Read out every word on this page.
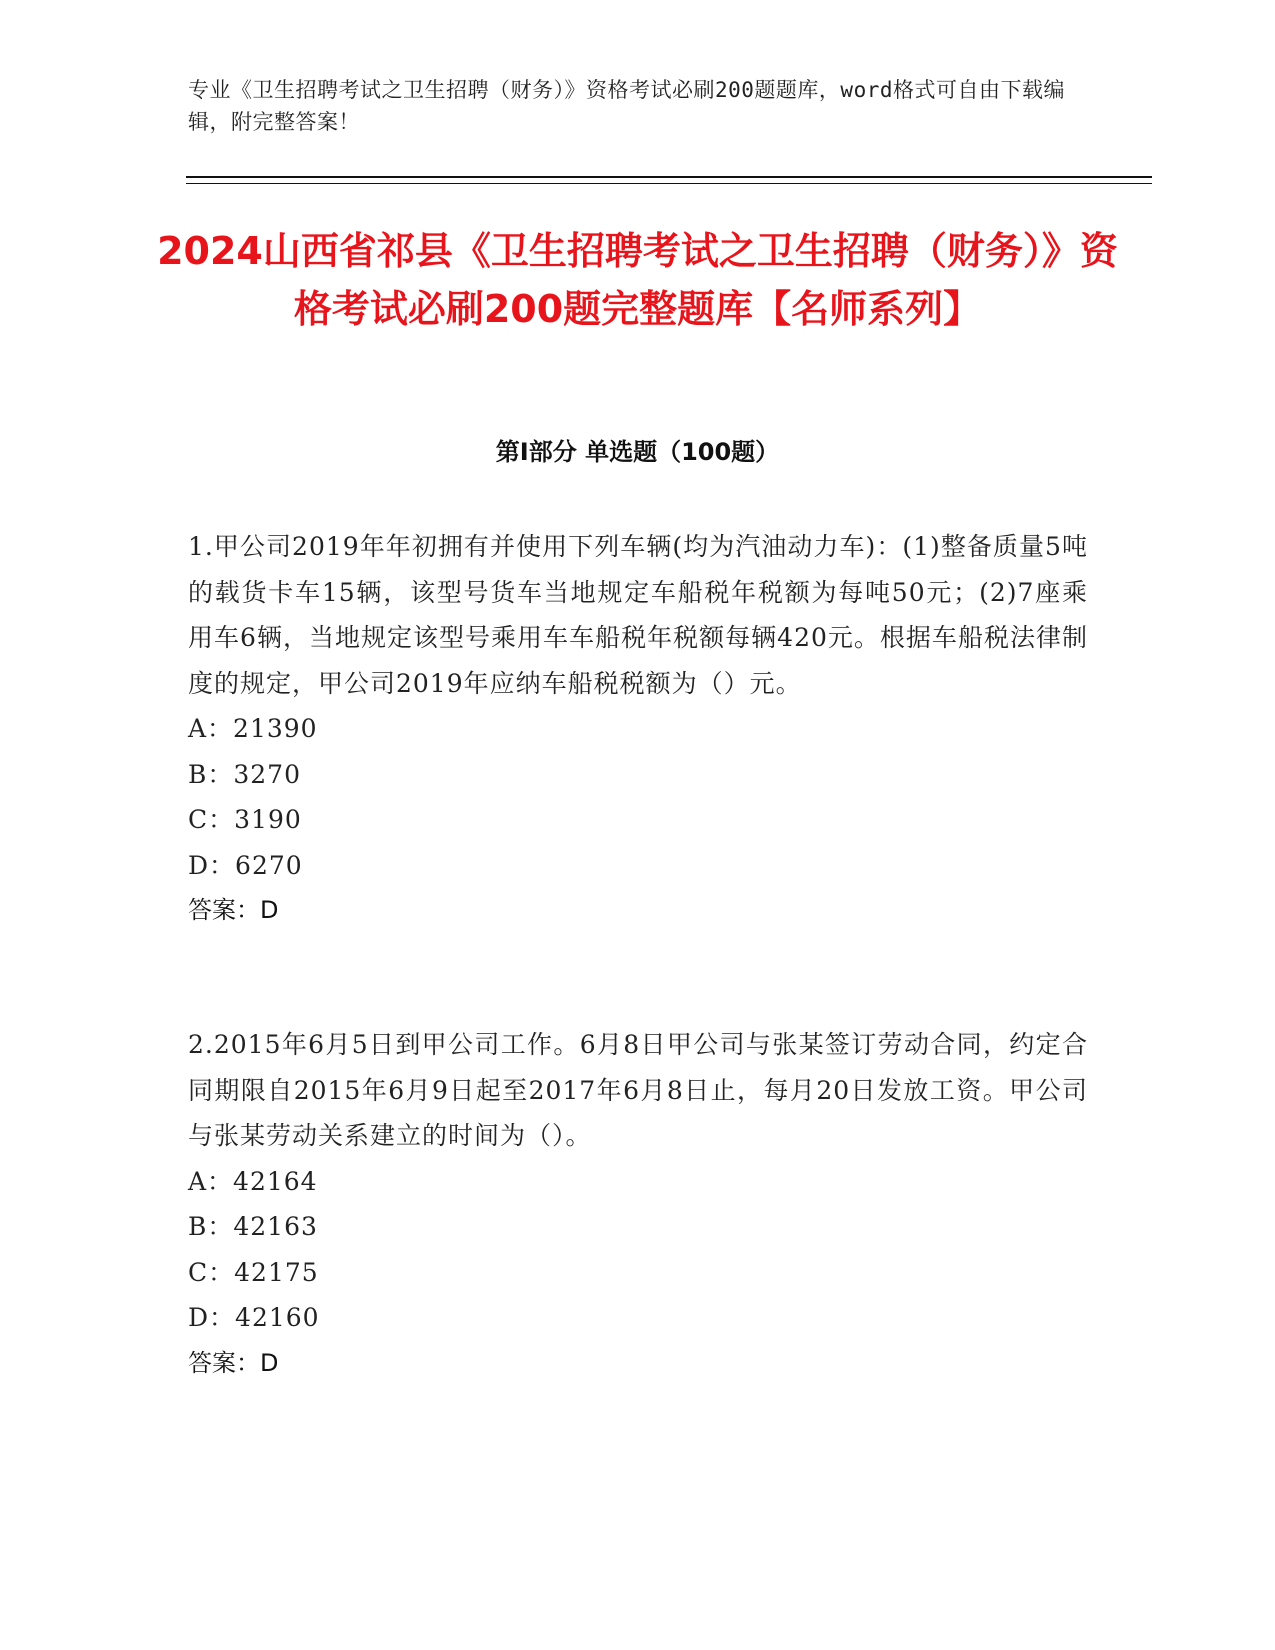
专业《卫生招聘考试之卫生招聘（财务）》资格考试必刷200题题库，word格式可自由下载编辑，附完整答案！
2024山西省祁县《卫生招聘考试之卫生招聘（财务）》资格考试必刷200题完整题库【名师系列】
第I部分 单选题（100题）
1.甲公司2019年年初拥有并使用下列车辆(均为汽油动力车)：(1)整备质量5吨的载货卡车15辆，该型号货车当地规定车船税年税额为每吨50元；(2)7座乘用车6辆，当地规定该型号乘用车车船税年税额每辆420元。根据车船税法律制度的规定，甲公司2019年应纳车船税税额为（）元。
A：21390
B：3270
C：3190
D：6270
答案：D
2.2015年6月5日到甲公司工作。6月8日甲公司与张某签订劳动合同，约定合同期限自2015年6月9日起至2017年6月8日止，每月20日发放工资。甲公司与张某劳动关系建立的时间为（）。
A：42164
B：42163
C：42175
D：42160
答案：D
